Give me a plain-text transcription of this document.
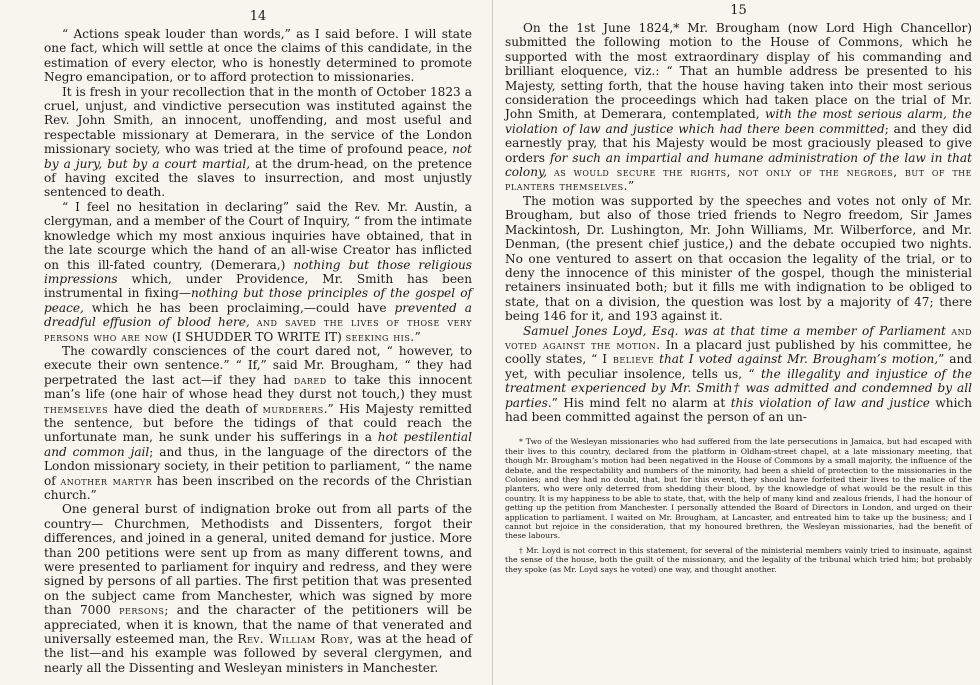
14

“ Actions speak louder than words,” as I said before. I will state one fact, which will settle at once the claims of this candidate, in the estimation of every elector, who is honestly determined to promote Negro emancipation, or to afford protection to missionaries.

It is fresh in your recollection that in the month of October 1823 a cruel, unjust, and vindictive persecution was instituted against the Rev. John Smith, an innocent, unoffending, and most useful and respectable missionary at Demerara, in the service of the London missionary society, who was tried at the time of profound peace, not by a jury, but by a court martial, at the drum-head, on the pretence of having excited the slaves to insurrection, and most unjustly sentenced to death.

“ I feel no hesitation in declaring” said the Rev. Mr. Austin, a clergyman, and a member of the Court of Inquiry, “ from the intimate knowledge which my most anxious inquiries have obtained, that in the late scourge which the hand of an all-wise Creator has inflicted on this ill-fated country, (Demerara,) nothing but those religious impressions which, under Providence, Mr. Smith has been instrumental in fixing—nothing but those principles of the gospel of peace, which he has been proclaiming,—could have prevented a dreadful effusion of blood here, and saved the lives of those very persons who are now (I SHUDDER TO WRITE IT) seeking his.”

The cowardly consciences of the court dared not, “ however, to execute their own sentence.” “ If,” said Mr. Brougham, “ they had perpetrated the last act—if they had dared to take this innocent man’s life (one hair of whose head they durst not touch,) they must themselves have died the death of murderers.” His Majesty remitted the sentence, but before the tidings of that could reach the unfortunate man, he sunk under his sufferings in a hot pestilential and common jail; and thus, in the language of the directors of the London missionary society, in their petition to parliament, “ the name of another martyr has been inscribed on the records of the Christian church.”

One general burst of indignation broke out from all parts of the country— Churchmen, Methodists and Dissenters, forgot their differences, and joined in a general, united demand for justice. More than 200 petitions were sent up from as many different towns, and were presented to parliament for inquiry and redress, and they were signed by persons of all parties. The first petition that was presented on the subject came from Manchester, which was signed by more than 7000 persons; and the character of the petitioners will be appreciated, when it is known, that the name of that venerated and universally esteemed man, the Rev. William Roby, was at the head of the list—and his example was followed by several clergymen, and nearly all the Dissenting and Wesleyan ministers in Manchester.

15

On the 1st June 1824,* Mr. Brougham (now Lord High Chancellor) submitted the following motion to the House of Commons, which he supported with the most extraordinary display of his commanding and brilliant eloquence, viz.: “ That an humble address be presented to his Majesty, setting forth, that the house having taken into their most serious consideration the proceedings which had taken place on the trial of Mr. John Smith, at Demerara, contemplated, with the most serious alarm, the violation of law and justice which had there been committed; and they did earnestly pray, that his Majesty would be most graciously pleased to give orders for such an impartial and humane administration of the law in that colony, as would secure the rights, not only of the negroes, but of the planters themselves.”

The motion was supported by the speeches and votes not only of Mr. Brougham, but also of those tried friends to Negro freedom, Sir James Mackintosh, Dr. Lushington, Mr. John Williams, Mr. Wilberforce, and Mr. Denman, (the present chief justice,) and the debate occupied two nights. No one ventured to assert on that occasion the legality of the trial, or to deny the innocence of this minister of the gospel, though the ministerial retainers insinuated both; but it fills me with indignation to be obliged to state, that on a division, the question was lost by a majority of 47; there being 146 for it, and 193 against it.

Samuel Jones Loyd, Esq. was at that time a member of Parliament and voted against the motion. In a placard just published by his committee, he coolly states, “ I believe that I voted against Mr. Brougham’s motion,” and yet, with peculiar insolence, tells us, “ the illegality and injustice of the treatment experienced by Mr. Smith† was admitted and condemned by all parties.” His mind felt no alarm at this violation of law and justice which had been committed against the person of an un-

* Two of the Wesleyan missionaries who had suffered from the late persecutions in Jamaica, but had escaped with their lives to this country, declared from the platform in Oldham-street chapel, at a late missionary meeting, that though Mr. Brougham’s motion had been negatived in the House of Commons by a small majority, the influence of the debate, and the respectability and numbers of the minority, had been a shield of protection to the missionaries in the Colonies; and they had no doubt, that, but for this event, they should have forfeited their lives to the malice of the planters, who were only deterred from shedding their blood, by the knowledge of what would be the result in this country. It is my happiness to be able to state, that, with the help of many kind and zealous friends, I had the honour of getting up the petition from Manchester. I personally attended the Board of Directors in London, and urged on their application to parliament. I waited on Mr. Brougham, at Lancaster, and entreated him to take up the business; and I cannot but rejoice in the consideration, that my honoured brethren, the Wesleyan missionaries, had the benefit of these labours.

† Mr. Loyd is not correct in this statement, for several of the ministerial members vainly tried to insinuate, against the sense of the house, both the guilt of the missionary, and the legality of the tribunal which tried him; but probably they spoke (as Mr. Loyd says he voted) one way, and thought another.
